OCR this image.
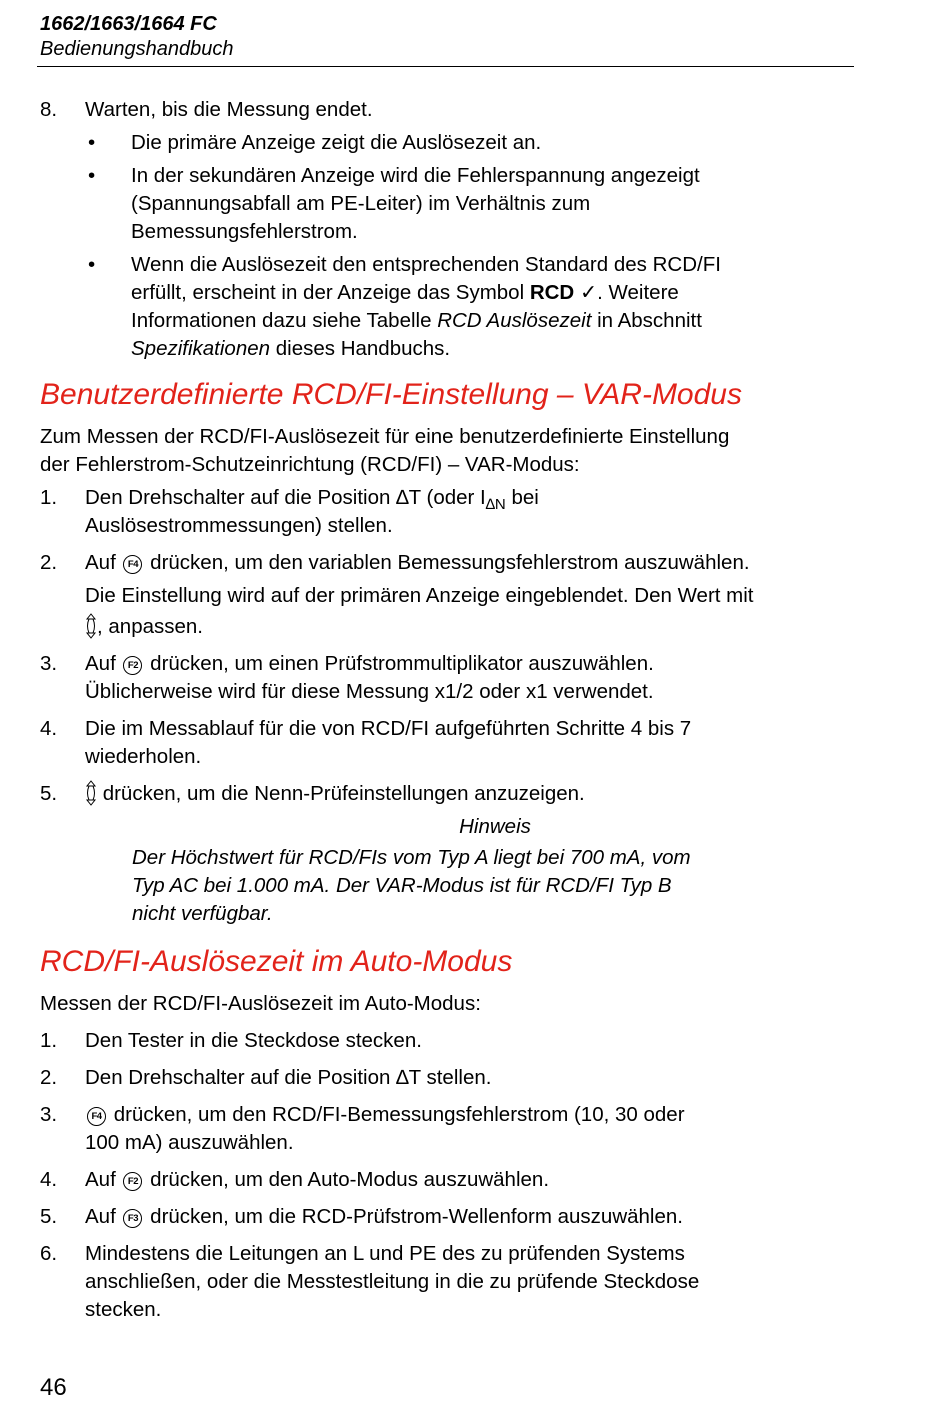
1662/1663/1664 FC
Bedienungshandbuch
8. Warten, bis die Messung endet.
• Die primäre Anzeige zeigt die Auslösezeit an.
• In der sekundären Anzeige wird die Fehlerspannung angezeigt
(Spannungsabfall am PE-Leiter) im Verhältnis zum
Bemessungsfehlerstrom.
• Wenn die Auslösezeit den entsprechenden Standard des RCD/FI
erfüllt, erscheint in der Anzeige das Symbol RCD ✓. Weitere
Informationen dazu siehe Tabelle RCD Auslösezeit in Abschnitt
Spezifikationen dieses Handbuchs.
Benutzerdefinierte RCD/FI-Einstellung – VAR-Modus
Zum Messen der RCD/FI-Auslösezeit für eine benutzerdefinierte Einstellung
der Fehlerstrom-Schutzeinrichtung (RCD/FI) – VAR-Modus:
1. Den Drehschalter auf die Position ∆T (oder $I_{\Delta N}$ bei
Auslösestrommessungen) stellen.
2. Auf F4 drücken, um den variablen Bemessungsfehlerstrom auszuwählen.
Die Einstellung wird auf der primären Anzeige eingeblendet. Den Wert mit
, anpassen.
3. Auf F2 drücken, um einen Prüfstrommultiplikator auszuwählen.
Üblicherweise wird für diese Messung x1/2 oder x1 verwendet.
4. Die im Messablauf für die von RCD/FI aufgeführten Schritte 4 bis 7
wiederholen.
5.	drücken, um die Nenn-Prüfeinstellungen anzuzeigen.
Hinweis
Der Höchstwert für RCD/FIs vom Typ A liegt bei 700 mA, vom
Typ AC bei 1.000 mA. Der VAR-Modus ist für RCD/FI Typ B
nicht verfügbar.
RCD/FI-Auslösezeit im Auto-Modus
Messen der RCD/FI-Auslösezeit im Auto-Modus:
1. Den Tester in die Steckdose stecken.
2. Den Drehschalter auf die Position ∆T stellen.
3.	F4 drücken, um den RCD/FI-Bemessungsfehlerstrom (10, 30 oder
100 mA) auszuwählen.
4. Auf F2 drücken, um den Auto-Modus auszuwählen.
5. Auf F3 drücken, um die RCD-Prüfstrom-Wellenform auszuwählen.
6. Mindestens die Leitungen an L und PE des zu prüfenden Systems
anschließen, oder die Messtestleitung in die zu prüfende Steckdose
stecken.
46
